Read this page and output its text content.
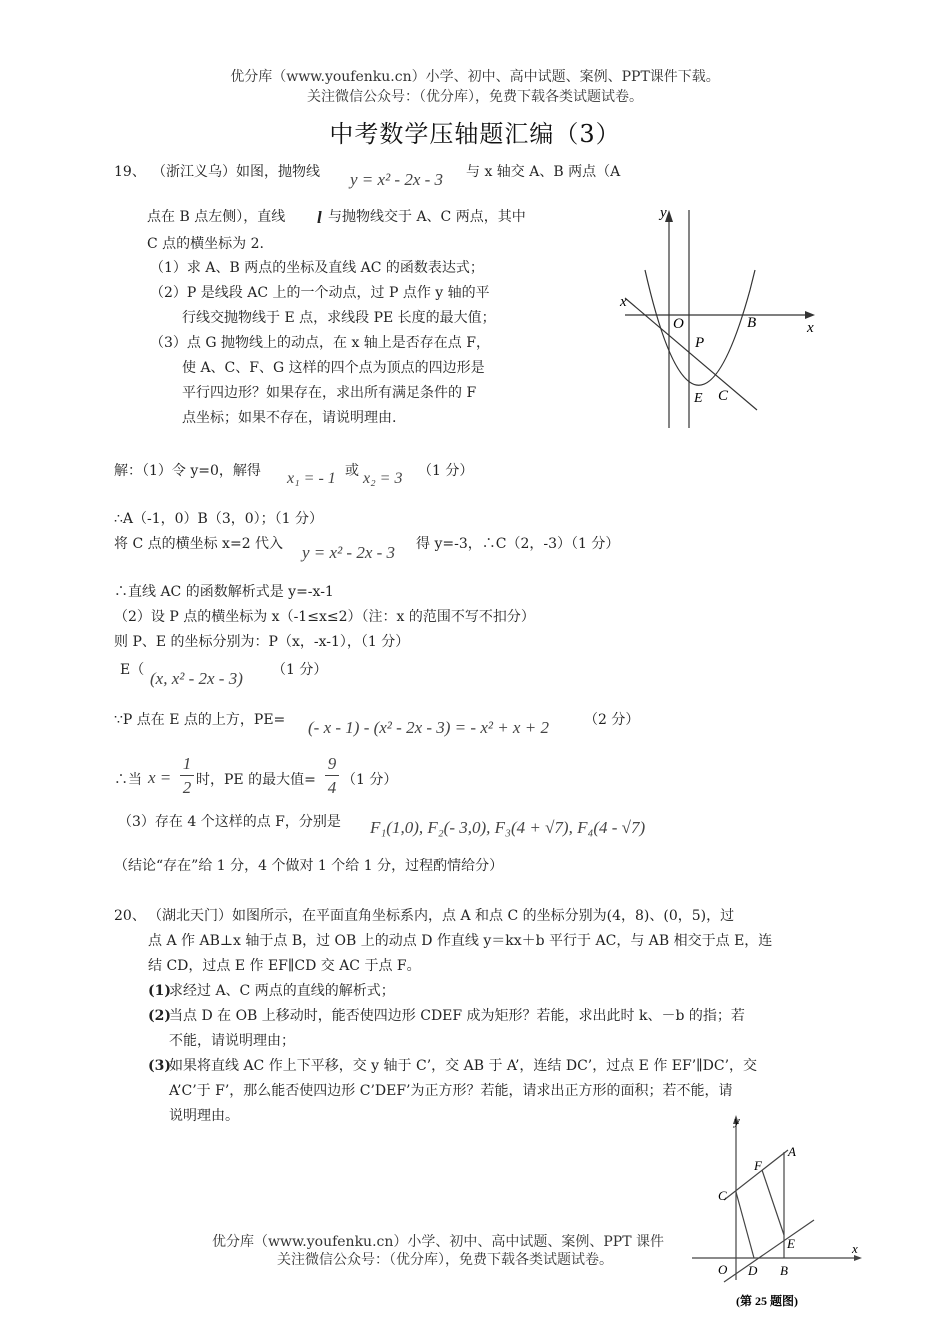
优分库（www.youfenku.cn）小学、初中、高中试题、案例、PPT课件下载。
关注微信公众号：（优分库），免费下载各类试题试卷。
中考数学压轴题汇编（3）
19、 （浙江义乌）如图，抛物线 y = x² - 2x - 3 与 x 轴交 A、B 两点（A
点在 B 点左侧），直线 l 与抛物线交于 A、C 两点，其中
C 点的横坐标为 2.
（1）求 A、B 两点的坐标及直线 AC 的函数表达式；
（2）P 是线段 AC 上的一个动点，过 P 点作 y 轴的平
行线交抛物线于 E 点，求线段 PE 长度的最大值；
（3）点 G 抛物线上的动点，在 x 轴上是否存在点 F，
使 A、C、F、G 这样的四个点为顶点的四边形是
平行四边形？如果存在，求出所有满足条件的 F
点坐标；如果不存在，请说明理由.
y
x
x
O	B
P
E C
解：（1）令 y=0，解得 x₁ = - 1 或 x₂ = 3 （1 分）
∴A（-1，0）B（3，0）；（1 分）
将 C 点的横坐标 x=2 代入 y = x² - 2x - 3 得 y=-3，∴C（2，-3）（1 分）
∴直线 AC 的函数解析式是 y=-x-1
（2）设 P 点的横坐标为 x（-1≤x≤2）（注：x 的范围不写不扣分）
则 P、E 的坐标分别为：P（x，-x-1），（1 分）
E（ (x, x² - 2x - 3) （1 分）
∵P 点在 E 点的上方，PE= (- x - 1) - (x² - 2x - 3) = - x² + x + 2	（2 分）
∴当 x =
1
2 时，PE 的最大值=
9
4 （1 分）
（3）存在 4 个这样的点 F，分别是 F₁(1,0), F₂(- 3,0), F₃(4 + √7), F₄(4 - √7)
（结论“存在”给 1 分，4 个做对 1 个给 1 分，过程酌情给分）
20、 （湖北天门）如图所示，在平面直角坐标系内，点 A 和点 C 的坐标分别为(4，8)、(0，5)，过
点 A 作 AB⊥x 轴于点 B，过 OB 上的动点 D 作直线 y＝kx＋b 平行于 AC，与 AB 相交于点 E，连
结 CD，过点 E 作 EF∥CD 交 AC 于点 F。
(1)
求经过 A、C 两点的直线的解析式；
(2)
当点 D 在 OB 上移动时，能否使四边形 CDEF 成为矩形？若能，求出此时 k、－b 的指；若
不能，请说明理由；
(3)
如果将直线 AC 作上下平移，交 y 轴于 C’，交 AB 于 A’，连结 DC’，过点 E 作 EF’∥DC’，交
A’C’于 F’，那么能否使四边形 C’DEF’为正方形？若能，请求出正方形的面积；若不能，请
说明理由。	y
A
F
C
E
O D B
x
(第 25 题图)
优分库（www.youfenku.cn）小学、初中、高中试题、案例、PPT 课件
关注微信公众号：（优分库），免费下载各类试题试卷。
